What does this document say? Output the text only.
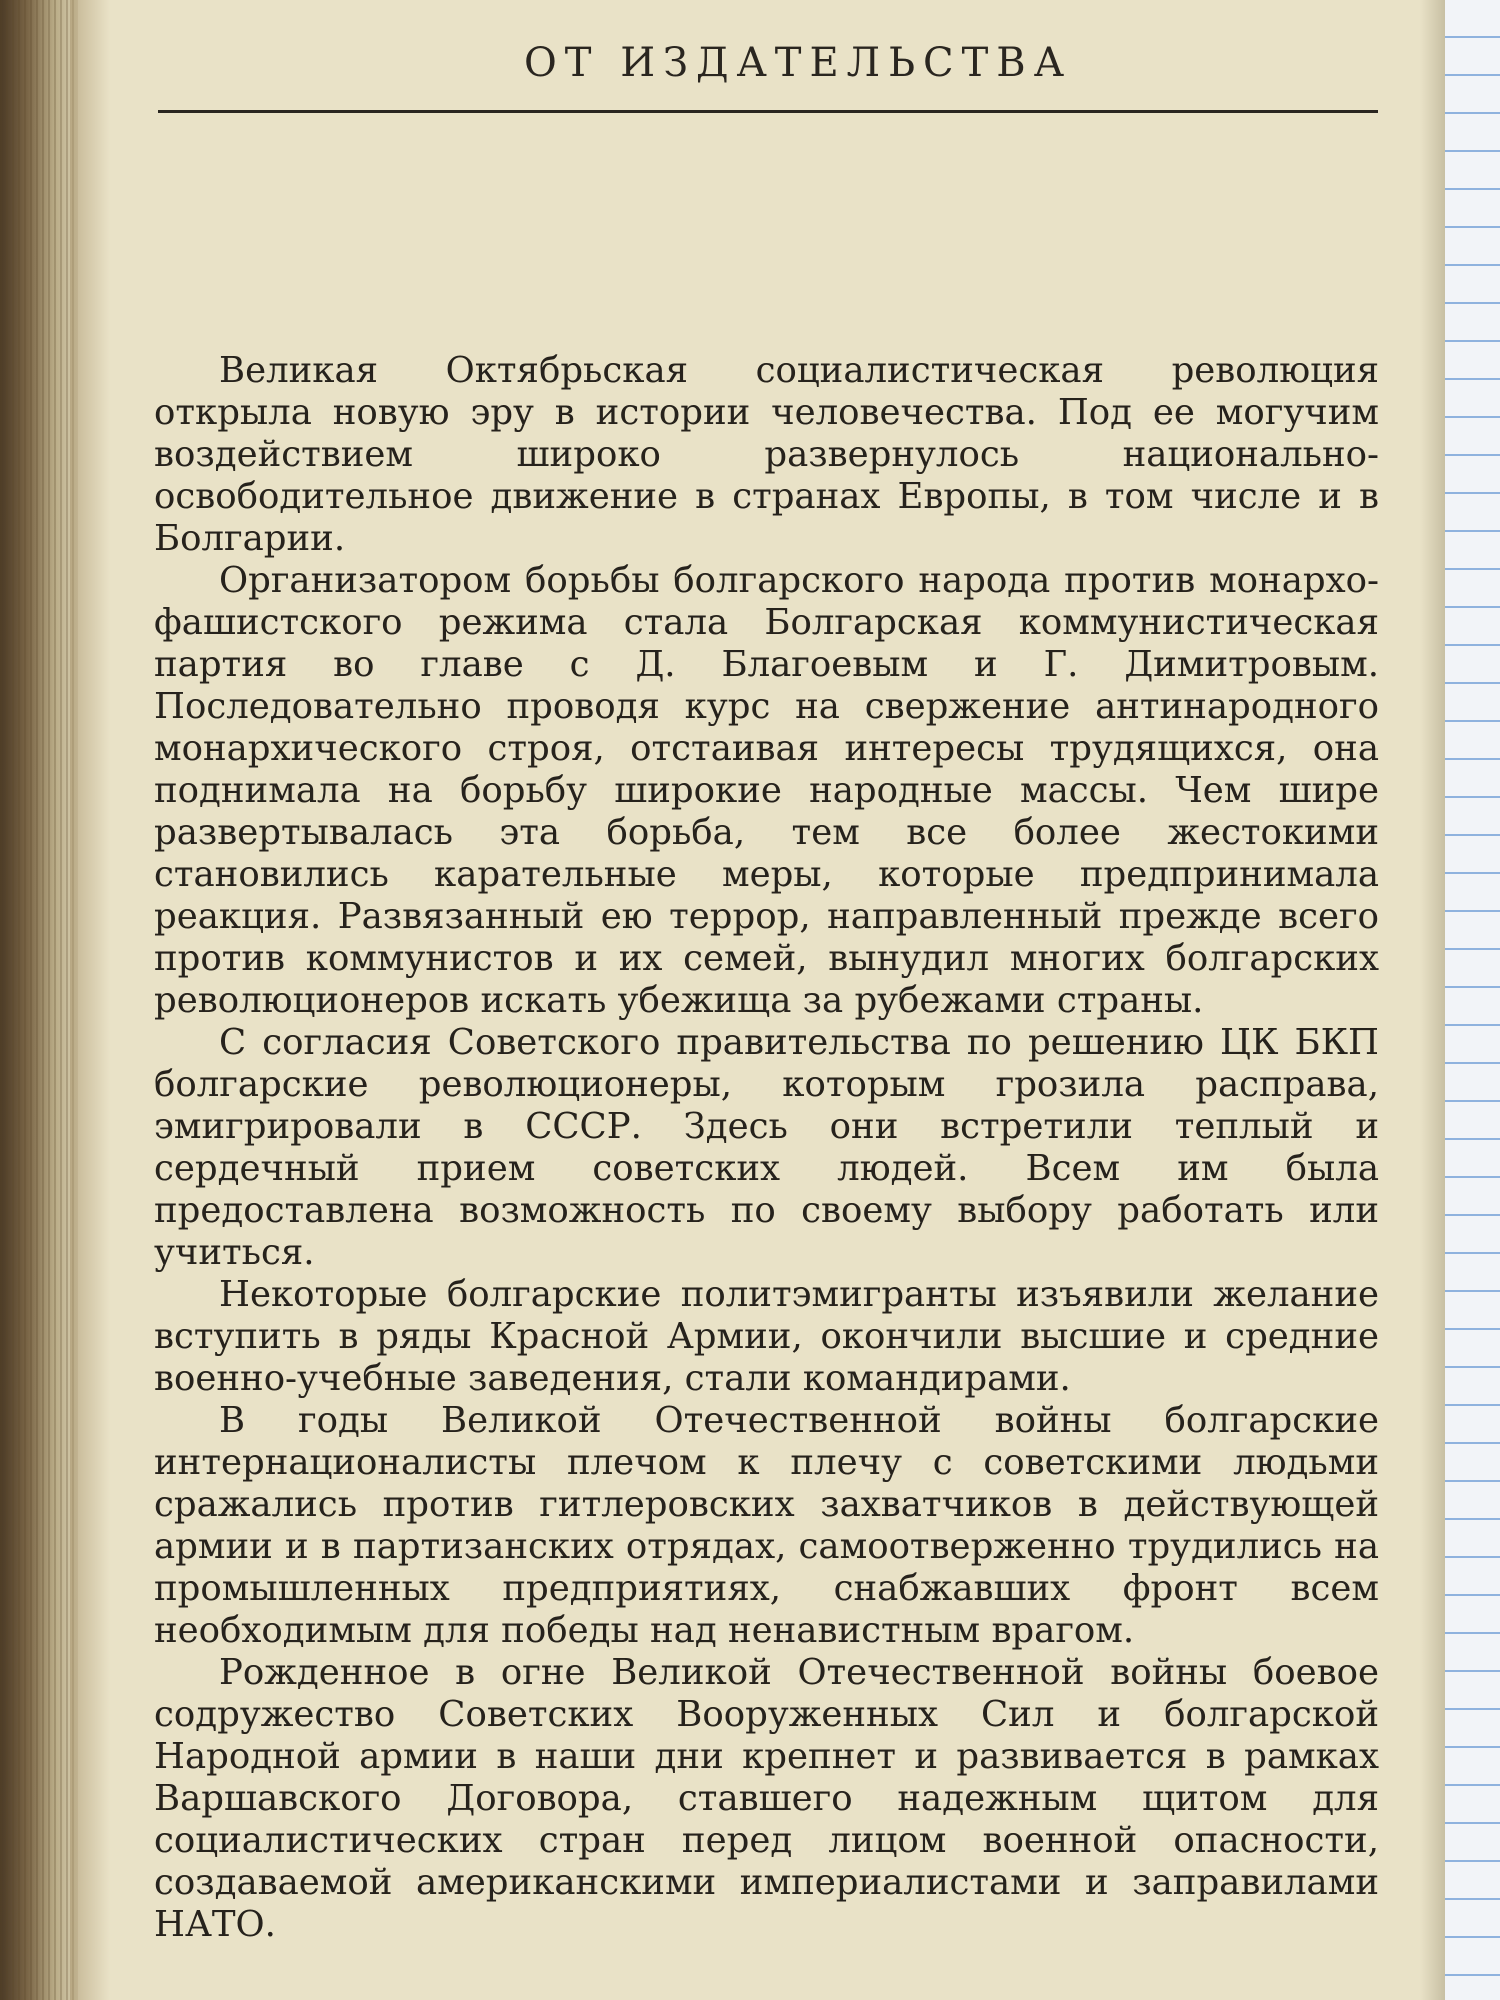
ОТ ИЗДАТЕЛЬСТВА

Великая Октябрьская социалистическая революция открыла новую эру в истории человечества. Под ее могучим воздействием широко развернулось национально-освободительное движение в странах Европы, в том числе и в Болгарии.

Организатором борьбы болгарского народа против монархо-фашистского режима стала Болгарская коммунистическая партия во главе с Д. Благоевым и Г. Димитровым. Последовательно проводя курс на свержение антинародного монархического строя, отстаивая интересы трудящихся, она поднимала на борьбу широкие народные массы. Чем шире развертывалась эта борьба, тем все более жестокими становились карательные меры, которые предпринимала реакция. Развязанный ею террор, направленный прежде всего против коммунистов и их семей, вынудил многих болгарских революционеров искать убежища за рубежами страны.

С согласия Советского правительства по решению ЦК БКП болгарские революционеры, которым грозила расправа, эмигрировали в СССР. Здесь они встретили теплый и сердечный прием советских людей. Всем им была предоставлена возможность по своему выбору работать или учиться.

Некоторые болгарские политэмигранты изъявили желание вступить в ряды Красной Армии, окончили высшие и средние военно-учебные заведения, стали командирами.

В годы Великой Отечественной войны болгарские интернационалисты плечом к плечу с советскими людьми сражались против гитлеровских захватчиков в действующей армии и в партизанских отрядах, самоотверженно трудились на промышленных предприятиях, снабжавших фронт всем необходимым для победы над ненавистным врагом.

Рожденное в огне Великой Отечественной войны боевое содружество Советских Вооруженных Сил и болгарской Народной армии в наши дни крепнет и развивается в рамках Варшавского Договора, ставшего надежным щитом для социалистических стран перед лицом военной опасности, создаваемой американскими империалистами и заправилами НАТО.
